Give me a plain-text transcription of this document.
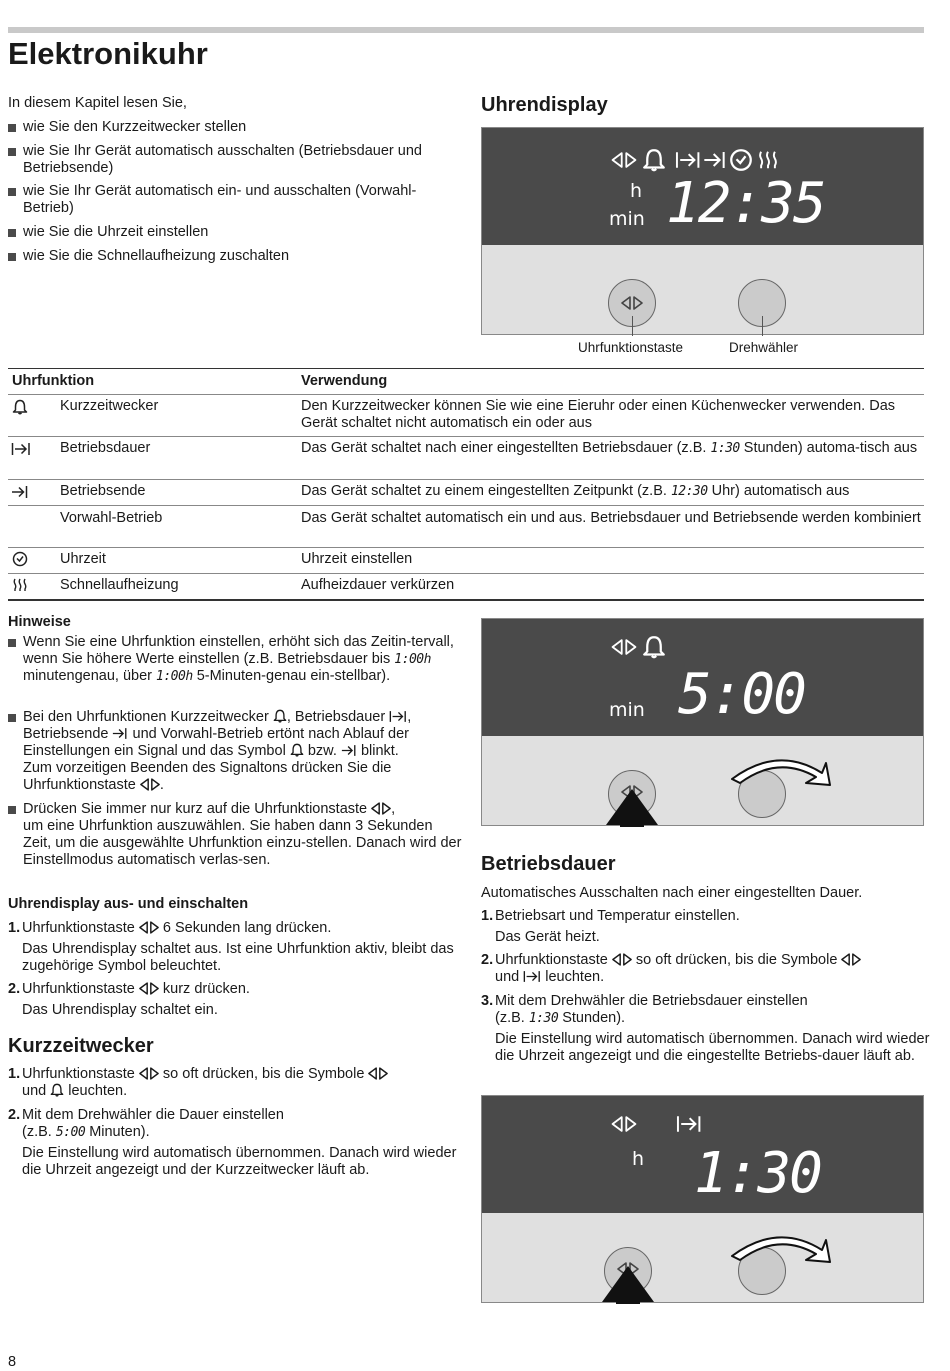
Elektronikuhr

In diesem Kapitel lesen Sie,

wie Sie den Kurzzeitwecker stellen

wie Sie Ihr Gerät automatisch ausschalten (Betriebsdauer und Betriebsende)

wie Sie Ihr Gerät automatisch ein- und ausschalten (Vorwahl-Betrieb)

wie Sie die Uhrzeit einstellen

wie Sie die Schnellaufheizung zuschalten

Uhrendisplay
h
min 12:35

Uhrfunktionstaste	Drehwähler

Uhrfunktion	Verwendung

Kurzzeitwecker	Den Kurzzeitwecker können Sie wie eine Eieruhr oder einen Küchenwecker verwenden. Das Gerät schaltet nicht automatisch ein oder aus

Betriebsdauer	Das Gerät schaltet nach einer eingestellten Betriebsdauer (z.B. 1:30 Stunden) automa-tisch aus

Betriebsende	Das Gerät schaltet zu einem eingestellten Zeitpunkt (z.B. 12:30 Uhr) automatisch aus

Vorwahl-Betrieb	Das Gerät schaltet automatisch ein und aus. Betriebsdauer und Betriebsende werden kombiniert

Uhrzeit	Uhrzeit einstellen

Schnellaufheizung	Aufheizdauer verkürzen

Hinweise

Wenn Sie eine Uhrfunktion einstellen, erhöht sich das Zeitin-tervall, wenn Sie höhere Werte einstellen (z.B. Betriebsdauer bis 1:00h minutengenau, über 1:00h 5-Minuten-genau ein-stellbar).

Bei den Uhrfunktionen Kurzzeitwecker , Betriebsdauer ,
Betriebsende und Vorwahl-Betrieb ertönt nach Ablauf der
Einstellungen ein Signal und das Symbol bzw. blinkt.
Zum vorzeitigen Beenden des Signaltons drücken Sie die
Uhrfunktionstaste .
Drücken Sie immer nur kurz auf die Uhrfunktionstaste ,
um eine Uhrfunktion auszuwählen. Sie haben dann 3 Sekunden Zeit, um die ausgewählte Uhrfunktion einzu-stellen. Danach wird der Einstellmodus automatisch verlas-sen.
Uhrendisplay aus- und einschalten
1. Uhrfunktionstaste 6 Sekunden lang drücken.
Das Uhrendisplay schaltet aus. Ist eine Uhrfunktion aktiv, bleibt das zugehörige Symbol beleuchtet.
2. Uhrfunktionstaste kurz drücken.
Das Uhrendisplay schaltet ein.
Kurzzeitwecker
1. Uhrfunktionstaste so oft drücken, bis die Symbole
und leuchten.
2. Mit dem Drehwähler die Dauer einstellen
(z.B. 5:00 Minuten).
Die Einstellung wird automatisch übernommen. Danach wird wieder die Uhrzeit angezeigt und der Kurzzeitwecker läuft ab.
min 5:00
Betriebsdauer

Automatisches Ausschalten nach einer eingestellten Dauer.

1. Betriebsart und Temperatur einstellen.
Das Gerät heizt.
2. Uhrfunktionstaste so oft drücken, bis die Symbole
und leuchten.
3. Mit dem Drehwähler die Betriebsdauer einstellen
(z.B. 1:30 Stunden).
Die Einstellung wird automatisch übernommen. Danach wird wieder die Uhrzeit angezeigt und die eingestellte Betriebs-dauer läuft ab.
h 1:30

8
